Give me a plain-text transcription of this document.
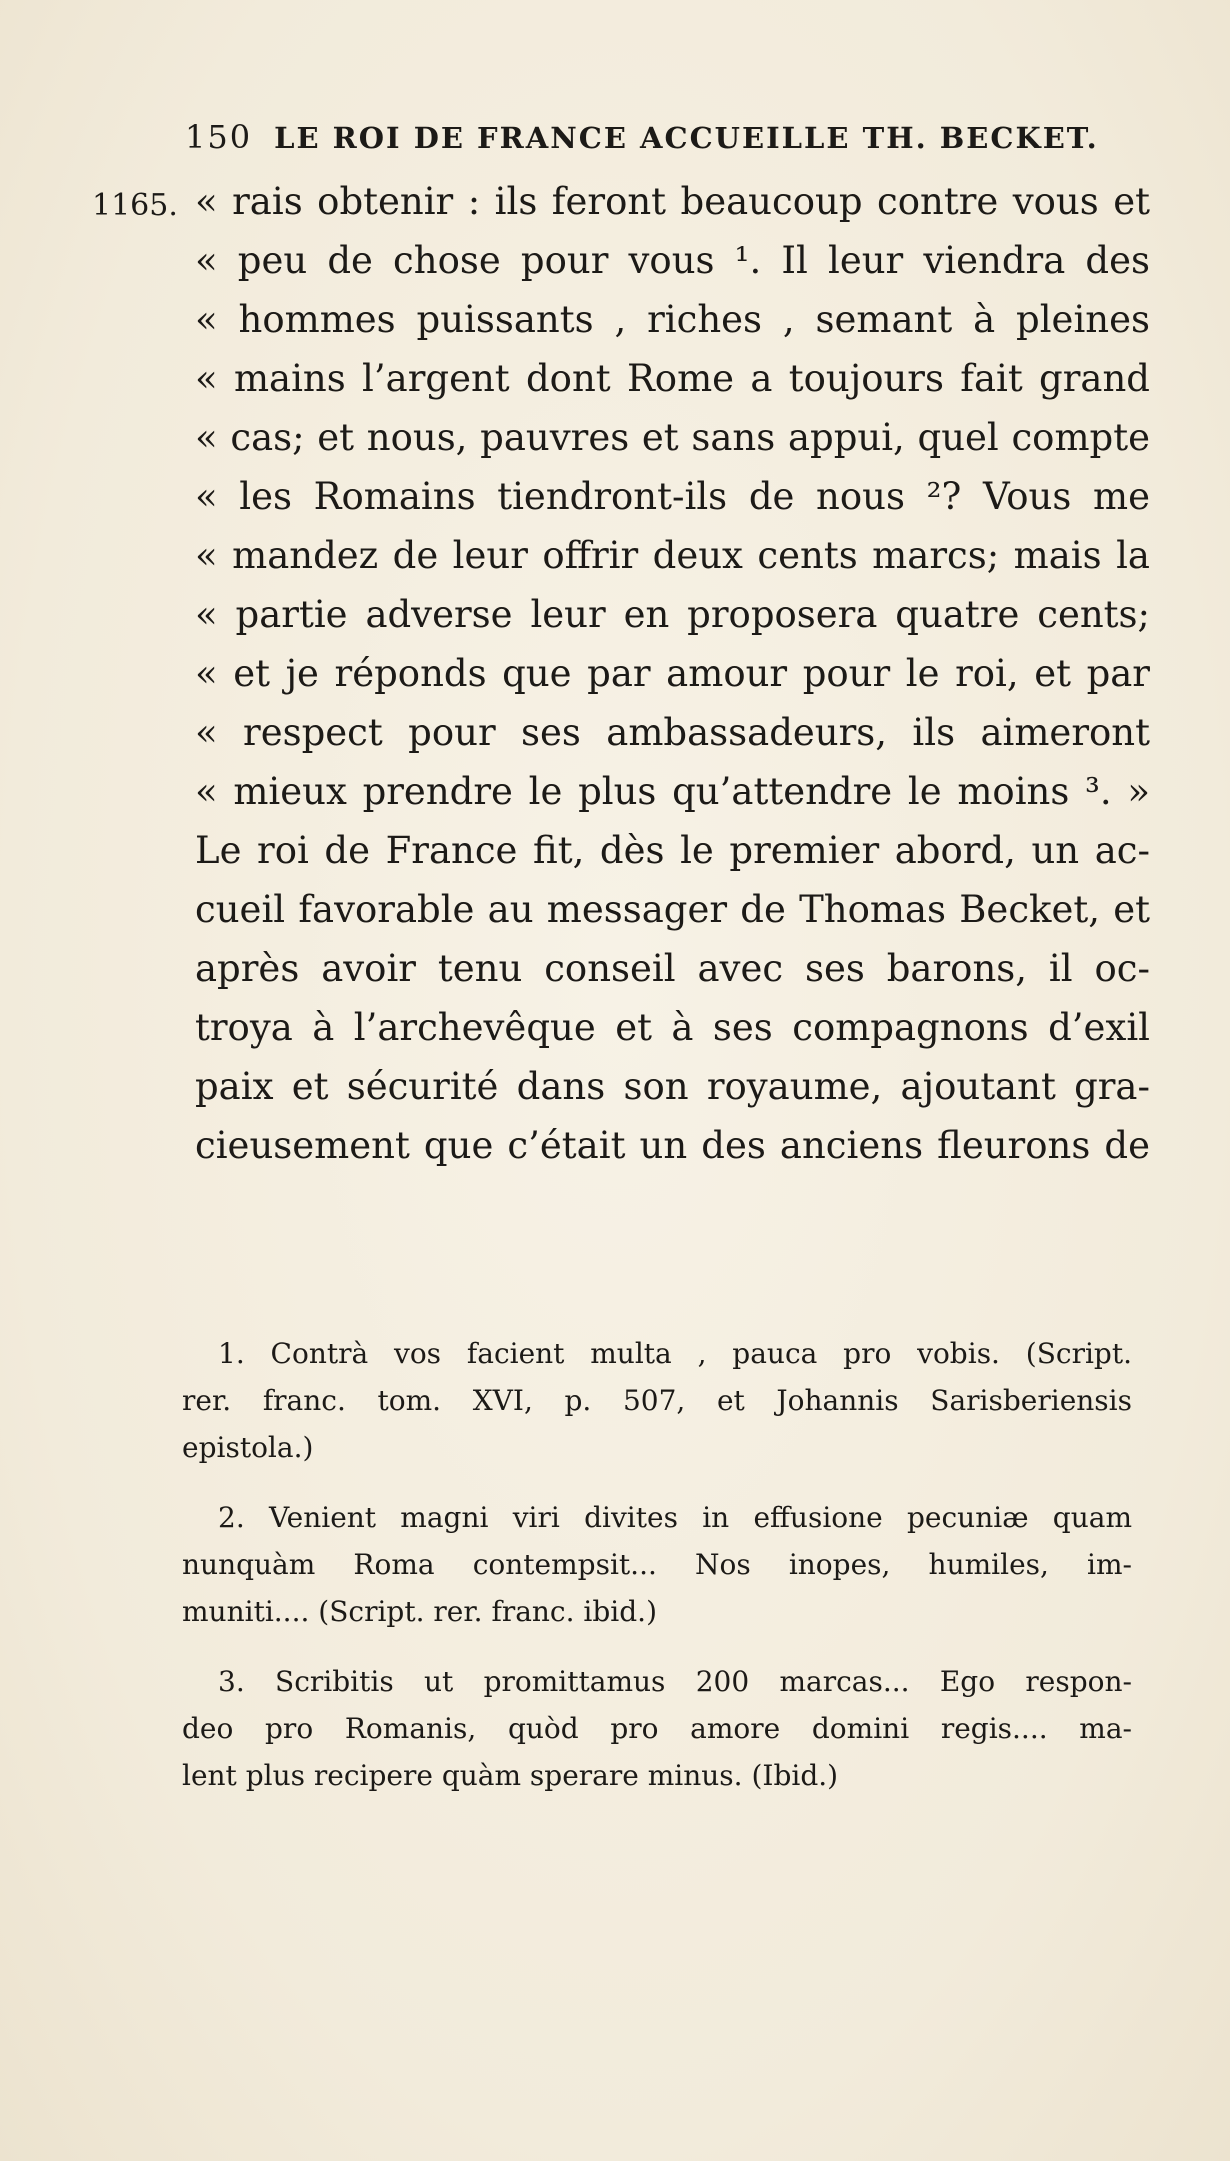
150 LE ROI DE FRANCE ACCUEILLE TH. BECKET.
1165. « rais obtenir : ils feront beaucoup contre vous et
« peu de chose pour vous ¹. Il leur viendra des
« hommes puissants , riches , semant à pleines
« mains l’argent dont Rome a toujours fait grand
« cas; et nous, pauvres et sans appui, quel compte
« les Romains tiendront-ils de nous ²? Vous me
« mandez de leur offrir deux cents marcs; mais la
« partie adverse leur en proposera quatre cents;
« et je réponds que par amour pour le roi, et par
« respect pour ses ambassadeurs, ils aimeront
« mieux prendre le plus qu’attendre le moins ³. »
Le roi de France fit, dès le premier abord, un ac-
cueil favorable au messager de Thomas Becket, et
après avoir tenu conseil avec ses barons, il oc-
troya à l’archevêque et à ses compagnons d’exil
paix et sécurité dans son royaume, ajoutant gra-
cieusement que c’était un des anciens fleurons de
1. Contrà vos facient multa , pauca pro vobis. (Script.
rer. franc. tom. XVI, p. 507, et Johannis Sarisberiensis
epistola.)
2. Venient magni viri divites in effusione pecuniæ quam
nunquàm Roma contempsit... Nos inopes, humiles, im-
muniti.... (Script. rer. franc. ibid.)
3. Scribitis ut promittamus 200 marcas... Ego respon-
deo pro Romanis, quòd pro amore domini regis.... ma-
lent plus recipere quàm sperare minus. (Ibid.)
